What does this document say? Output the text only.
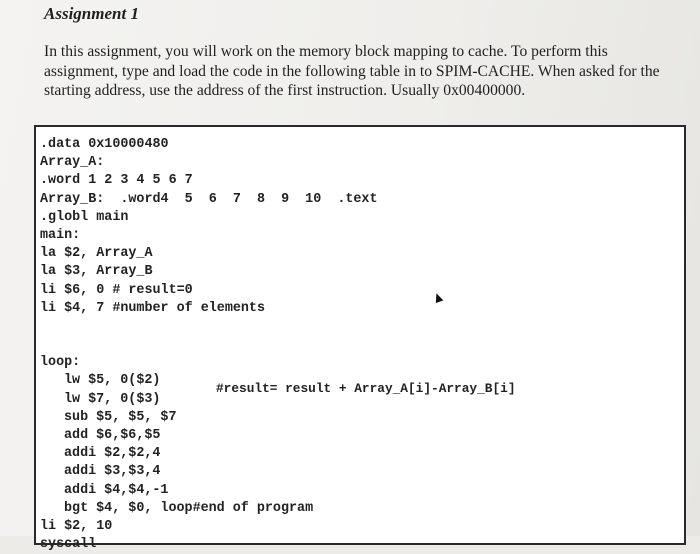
Assignment 1
In this assignment, you will work on the memory block mapping to cache. To perform this assignment, type and load the code in the following table in to SPIM-CACHE. When asked for the starting address, use the address of the first instruction. Usually 0x00400000.
.data 0x10000480
Array_A:
.word 1 2 3 4 5 6 7
Array_B:  .word4  5  6  7  8  9  10  .text
.globl main
main:
la $2, Array_A
la $3, Array_B
li $6, 0 # result=0
li $4, 7 #number of elements
loop:
lw $5, 0($2)
lw $7, 0($3)
sub $5, $5, $7
add $6,$6,$5
addi $2,$2,4
addi $3,$3,4
addi $4,$4,-1
bgt $4, $0, loop#end of program
li $2, 10
syscall
#result= result + Array_A[i]-Array_B[i]
